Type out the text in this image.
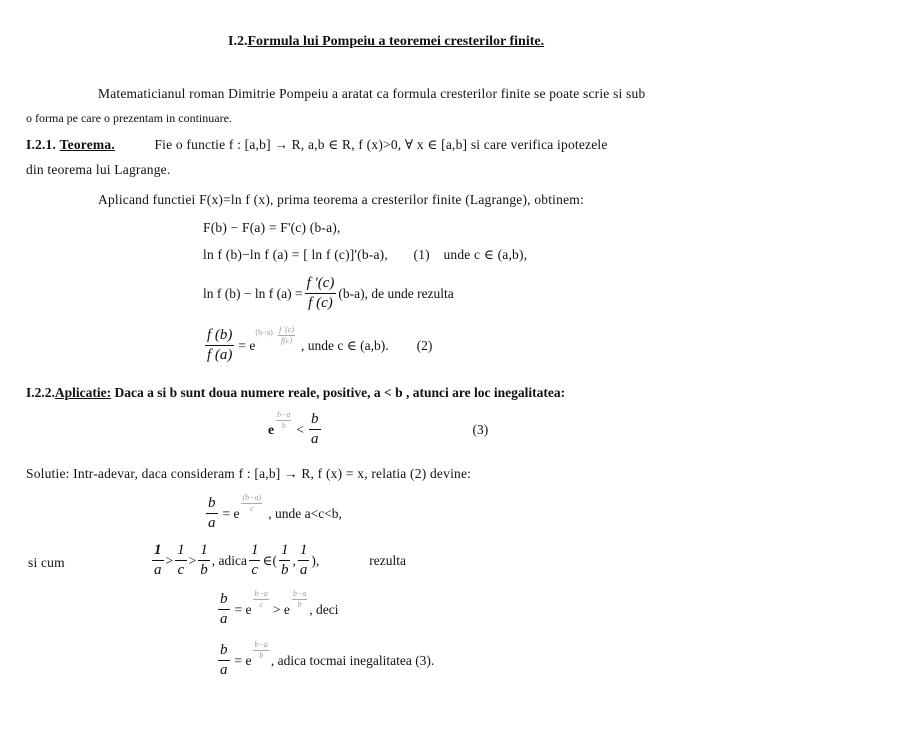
I.2.Formula lui Pompeiu a teoremei cresterilor finite.
Matematicianul roman Dimitrie Pompeiu a aratat ca formula cresterilor finite se poate scrie si sub
o forma pe care o prezentam in continuare.
I.2.1. Teorema.	Fie o functie f : [a,b] → R, a,b ∈ R, f (x)>0, ∀ x ∈ [a,b] si care verifica ipotezele
din teorema lui Lagrange.
Aplicand functiei F(x)=ln f (x), prima teorema a cresterilor finite (Lagrange), obtinem:
F(b) − F(a) = F'(c) (b-a),
ln f (b)−ln f (a) = [ ln f (c)]'(b-a), (1) unde c ∈ (a,b),
ln f (b) − ln f $(a) = \frac{f '(c)}{f (c)} (b-a)$, de unde rezulta
$\frac{f (b)}{f (a)} = e$
$^{(b-a)} \frac{f '(c)}{f(c)}$ , unde c ∈ (a,b). (2)
I.2.2.Aplicatie: Daca a si b sunt doua numere reale, positive, a < b , atunci are loc inegalitatea:
e $\frac{b-a}{b} < \frac{b}{a}$	(3)
Solutie: Intr-adevar, daca consideram f : [a,b] → R, f (x) = x, relatia (2) devine:
$\frac{b}{a} = e \frac{(b-a)}{c}$ , unde a<c<b,
si cum	$\frac{1}{a} > \frac{1}{c} > \frac{1}{b}$ , adica $\frac{1}{c}$ ∈( $\frac{1}{b}$ , $\frac{1}{a}$ ),	rezulta
$\frac{b}{a} = e \frac{b-a}{c} > e \frac{b-a}{b}$ , deci
$\frac{b}{a} = e \frac{b-a}{b}$ , adica tocmai inegalitatea (3).
